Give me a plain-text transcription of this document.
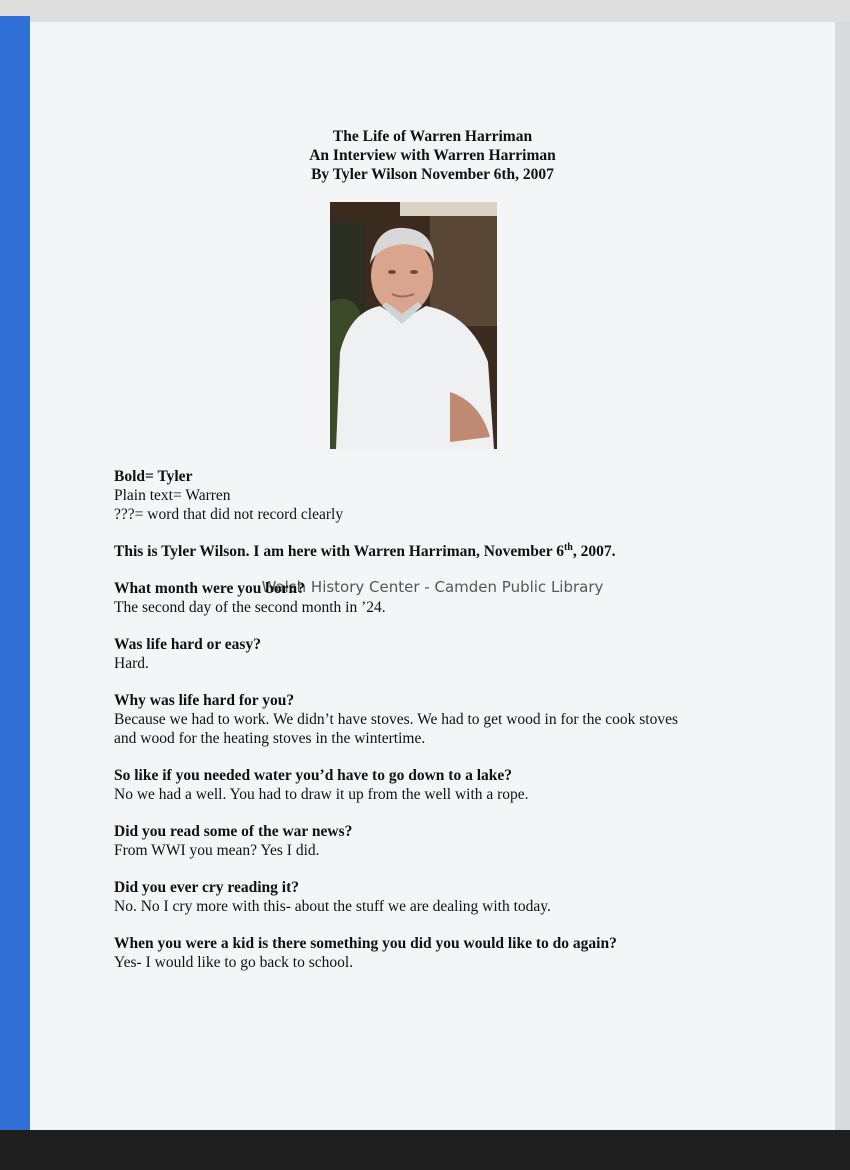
The Life of Warren Harriman
An Interview with Warren Harriman
By Tyler Wilson November 6th, 2007
Walsh History Center - Camden Public Library
Bold= Tyler
Plain text= Warren
???= word that did not record clearly
This is Tyler Wilson. I am here with Warren Harriman, November 6th, 2007.
What month were you born?
The second day of the second month in ’24.
Was life hard or easy?
Hard.
Why was life hard for you?
Because we had to work. We didn’t have stoves. We had to get wood in for the cook stoves and wood for the heating stoves in the wintertime.
So like if you needed water you’d have to go down to a lake?
No we had a well. You had to draw it up from the well with a rope.
Did you read some of the war news?
From WWI you mean? Yes I did.
Did you ever cry reading it?
No. No I cry more with this- about the stuff we are dealing with today.
When you were a kid is there something you did you would like to do again?
Yes- I would like to go back to school.
